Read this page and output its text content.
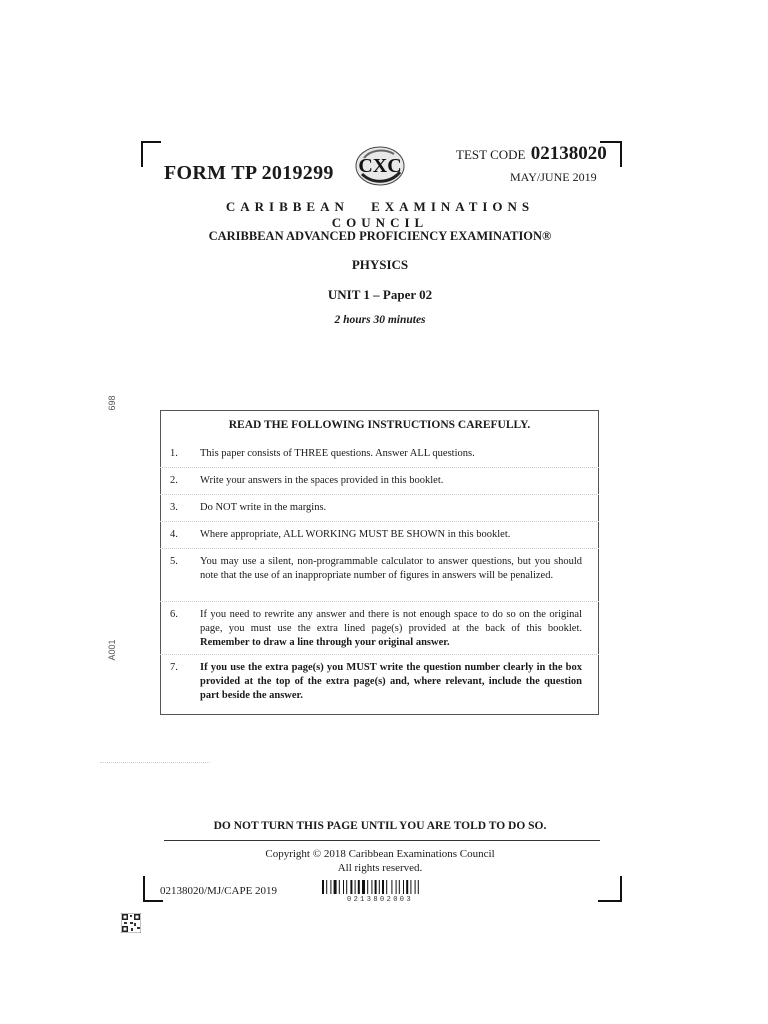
FORM TP 2019299 CXC
TEST CODE 02138020
MAY/JUNE 2019
CARIBBEAN EXAMINATIONS COUNCIL
CARIBBEAN ADVANCED PROFICIENCY EXAMINATION®
PHYSICS
UNIT 1 – Paper 02
2 hours 30 minutes
698
A001
READ THE FOLLOWING INSTRUCTIONS CAREFULLY.
1. This paper consists of THREE questions. Answer ALL questions.
2. Write your answers in the spaces provided in this booklet.
3. Do NOT write in the margins.
4. Where appropriate, ALL WORKING MUST BE SHOWN in this booklet.
5. You may use a silent, non-programmable calculator to answer questions, but you should note that the use of an inappropriate number of figures in answers will be penalized.
6. If you need to rewrite any answer and there is not enough space to do so on the original page, you must use the extra lined page(s) provided at the back of this booklet. Remember to draw a line through your original answer.
7. If you use the extra page(s) you MUST write the question number clearly in the box provided at the top of the extra page(s) and, where relevant, include the question part beside the answer.
DO NOT TURN THIS PAGE UNTIL YOU ARE TOLD TO DO SO.
Copyright © 2018 Caribbean Examinations Council
All rights reserved.
02138020/MJ/CAPE 2019
0213802003
